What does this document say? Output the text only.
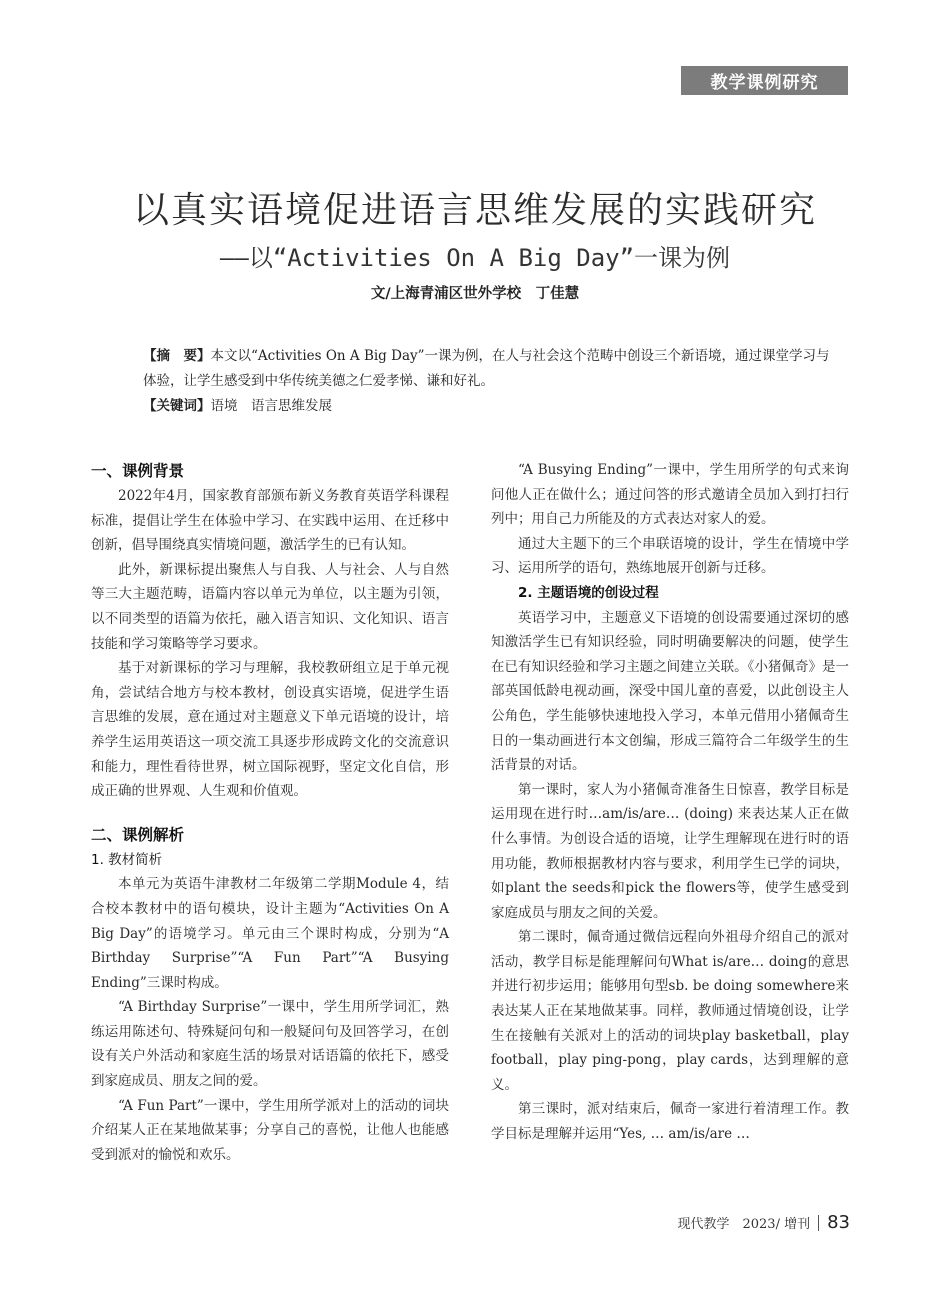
教学课例研究
以真实语境促进语言思维发展的实践研究
——以“Activities On A Big Day”一课为例
文/上海青浦区世外学校　丁佳慧

【摘　要】本文以“Activities On A Big Day”一课为例，在人与社会这个范畴中创设三个新语境，通过课堂学习与体验，让学生感受到中华传统美德之仁爱孝悌、谦和好礼。

【关键词】语境　语言思维发展

一、课例背景

2022年4月，国家教育部颁布新义务教育英语学科课程标准，提倡让学生在体验中学习、在实践中运用、在迁移中创新，倡导围绕真实情境问题，激活学生的已有认知。

此外，新课标提出聚焦人与自我、人与社会、人与自然等三大主题范畴，语篇内容以单元为单位，以主题为引领，以不同类型的语篇为依托，融入语言知识、文化知识、语言技能和学习策略等学习要求。

基于对新课标的学习与理解，我校教研组立足于单元视角，尝试结合地方与校本教材，创设真实语境，促进学生语言思维的发展，意在通过对主题意义下单元语境的设计，培养学生运用英语这一项交流工具逐步形成跨文化的交流意识和能力，理性看待世界，树立国际视野，坚定文化自信，形成正确的世界观、人生观和价值观。

二、课例解析
1. 教材简析

本单元为英语牛津教材二年级第二学期Module 4，结合校本教材中的语句模块，设计主题为“Activities On A Big Day”的语境学习。单元由三个课时构成，分别为“A Birthday Surprise”“A Fun Part”“A Busying Ending”三课时构成。

“A Birthday Surprise”一课中，学生用所学词汇，熟练运用陈述句、特殊疑问句和一般疑问句及回答学习，在创设有关户外活动和家庭生活的场景对话语篇的依托下，感受到家庭成员、朋友之间的爱。

“A Fun Part”一课中，学生用所学派对上的活动的词块介绍某人正在某地做某事；分享自己的喜悦，让他人也能感受到派对的愉悦和欢乐。

“A Busying Ending”一课中，学生用所学的句式来询问他人正在做什么；通过问答的形式邀请全员加入到打扫行列中；用自己力所能及的方式表达对家人的爱。

通过大主题下的三个串联语境的设计，学生在情境中学习、运用所学的语句，熟练地展开创新与迁移。

2. 主题语境的创设过程

英语学习中，主题意义下语境的创设需要通过深切的感知激活学生已有知识经验，同时明确要解决的问题，使学生在已有知识经验和学习主题之间建立关联。《小猪佩奇》是一部英国低龄电视动画，深受中国儿童的喜爱，以此创设主人公角色，学生能够快速地投入学习，本单元借用小猪佩奇生日的一集动画进行本文创编，形成三篇符合二年级学生的生活背景的对话。

第一课时，家人为小猪佩奇准备生日惊喜，教学目标是运用现在进行时…am/is/are… (doing) 来表达某人正在做什么事情。为创设合适的语境，让学生理解现在进行时的语用功能，教师根据教材内容与要求，利用学生已学的词块，如plant the seeds和pick the flowers等，使学生感受到家庭成员与朋友之间的关爱。

第二课时，佩奇通过微信远程向外祖母介绍自己的派对活动，教学目标是能理解问句What is/are… doing的意思并进行初步运用；能够用句型sb. be doing somewhere来表达某人正在某地做某事。同样，教师通过情境创设，让学生在接触有关派对上的活动的词块play basketball，play football，play ping-pong，play cards，达到理解的意义。

第三课时，派对结束后，佩奇一家进行着清理工作。教学目标是理解并运用“Yes, … am/is/are …

现代教学　2023/ 增刊 83
